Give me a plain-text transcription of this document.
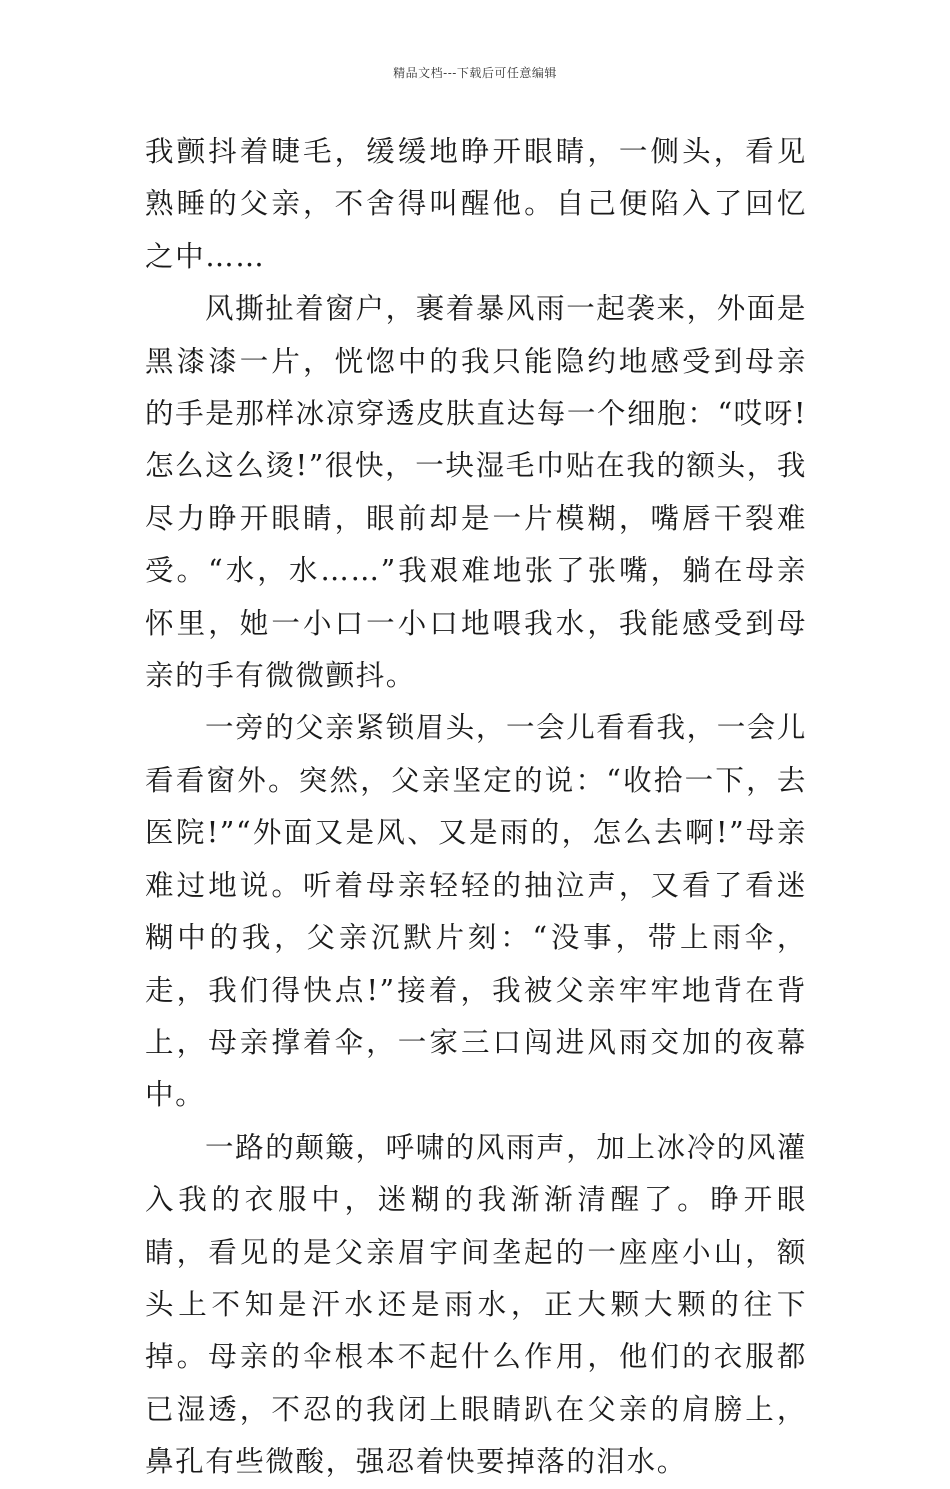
精品文档---下载后可任意编辑

我颤抖着睫毛，缓缓地睁开眼睛，一侧头，看见熟睡的父亲，不舍得叫醒他。自己便陷入了回忆之中……

风撕扯着窗户，裹着暴风雨一起袭来，外面是黑漆漆一片，恍惚中的我只能隐约地感受到母亲的手是那样冰凉穿透皮肤直达每一个细胞：“哎呀!怎么这么烫!”很快，一块湿毛巾贴在我的额头，我尽力睁开眼睛，眼前却是一片模糊，嘴唇干裂难受。“水，水……”我艰难地张了张嘴，躺在母亲怀里，她一小口一小口地喂我水，我能感受到母亲的手有微微颤抖。

一旁的父亲紧锁眉头，一会儿看看我，一会儿看看窗外。突然，父亲坚定的说：“收拾一下，去医院!”“外面又是风、又是雨的，怎么去啊!”母亲难过地说。听着母亲轻轻的抽泣声，又看了看迷糊中的我，父亲沉默片刻：“没事，带上雨伞，走，我们得快点!”接着，我被父亲牢牢地背在背上，母亲撑着伞，一家三口闯进风雨交加的夜幕中。

一路的颠簸，呼啸的风雨声，加上冰冷的风灌入我的衣服中，迷糊的我渐渐清醒了。睁开眼睛，看见的是父亲眉宇间垄起的一座座小山，额头上不知是汗水还是雨水，正大颗大颗的往下掉。母亲的伞根本不起什么作用，他们的衣服都已湿透，不忍的我闭上眼睛趴在父亲的肩膀上，鼻孔有些微酸，强忍着快要掉落的泪水。
